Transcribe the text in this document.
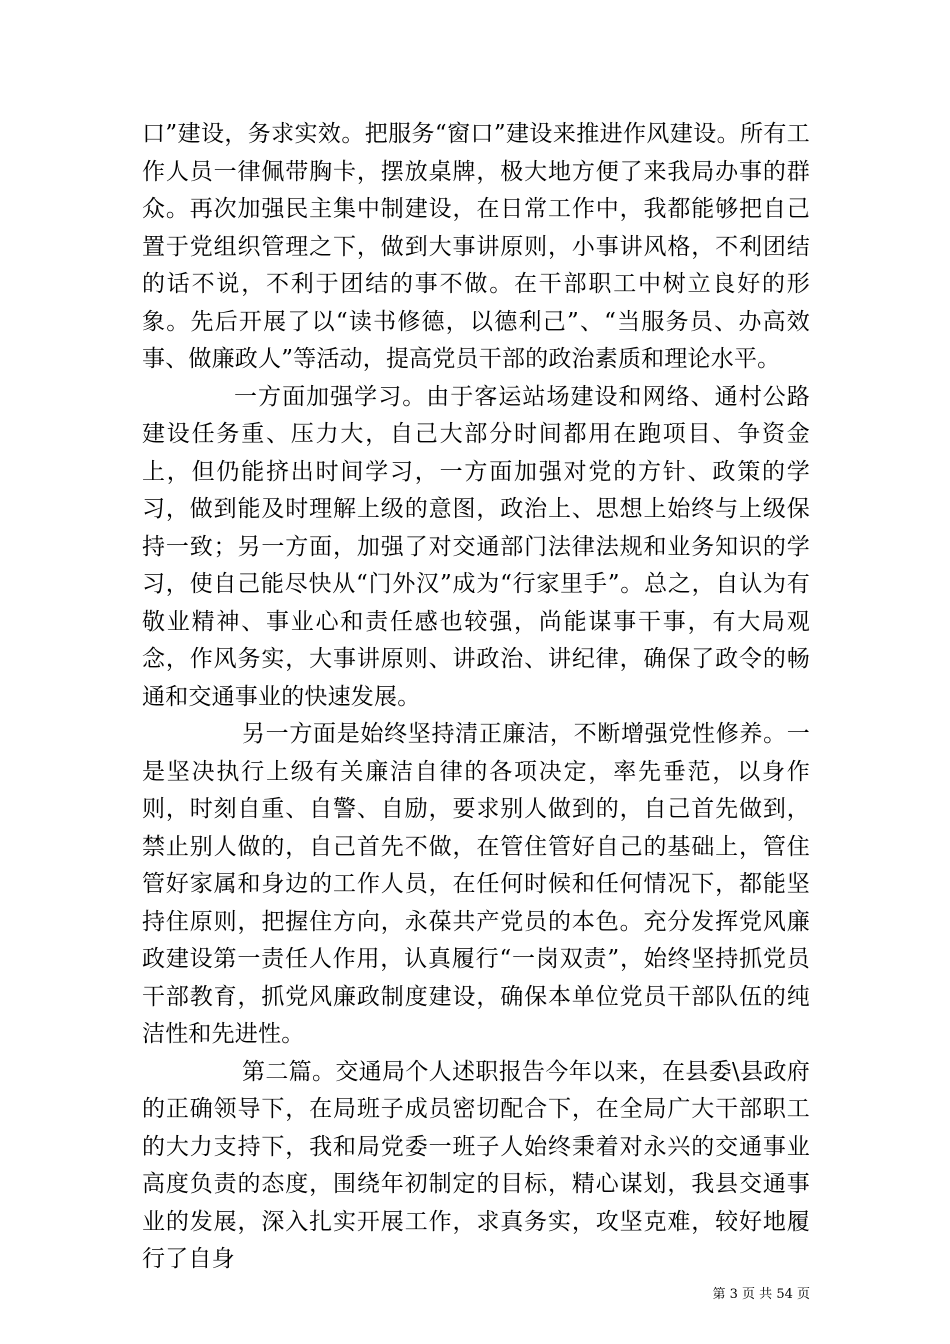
口”建设，务求实效。把服务“窗口”建设来推进作风建设。所有工作人员一律佩带胸卡，摆放桌牌，极大地方便了来我局办事的群众。再次加强民主集中制建设，在日常工作中，我都能够把自己置于党组织管理之下，做到大事讲原则，小事讲风格，不利团结的话不说，不利于团结的事不做。在干部职工中树立良好的形象。先后开展了以“读书修德，以德利己”、“当服务员、办高效事、做廉政人”等活动，提高党员干部的政治素质和理论水平。

一方面加强学习。由于客运站场建设和网络、通村公路建设任务重、压力大，自己大部分时间都用在跑项目、争资金上，但仍能挤出时间学习，一方面加强对党的方针、政策的学习，做到能及时理解上级的意图，政治上、思想上始终与上级保持一致；另一方面，加强了对交通部门法律法规和业务知识的学习，使自己能尽快从“门外汉”成为“行家里手”。总之，自认为有敬业精神、事业心和责任感也较强，尚能谋事干事，有大局观念，作风务实，大事讲原则、讲政治、讲纪律，确保了政令的畅通和交通事业的快速发展。

另一方面是始终坚持清正廉洁，不断增强党性修养。一是坚决执行上级有关廉洁自律的各项决定，率先垂范，以身作则，时刻自重、自警、自励，要求别人做到的，自己首先做到，禁止别人做的，自己首先不做，在管住管好自己的基础上，管住管好家属和身边的工作人员，在任何时候和任何情况下，都能坚持住原则，把握住方向，永葆共产党员的本色。充分发挥党风廉政建设第一责任人作用，认真履行“一岗双责”，始终坚持抓党员干部教育，抓党风廉政制度建设，确保本单位党员干部队伍的纯洁性和先进性。

第二篇。交通局个人述职报告今年以来，在县委\县政府的正确领导下，在局班子成员密切配合下，在全局广大干部职工的大力支持下，我和局党委一班子人始终秉着对永兴的交通事业高度负责的态度，围绕年初制定的目标，精心谋划，我县交通事业的发展，深入扎实开展工作，求真务实，攻坚克难，较好地履行了自身

第 3 页 共 54 页
